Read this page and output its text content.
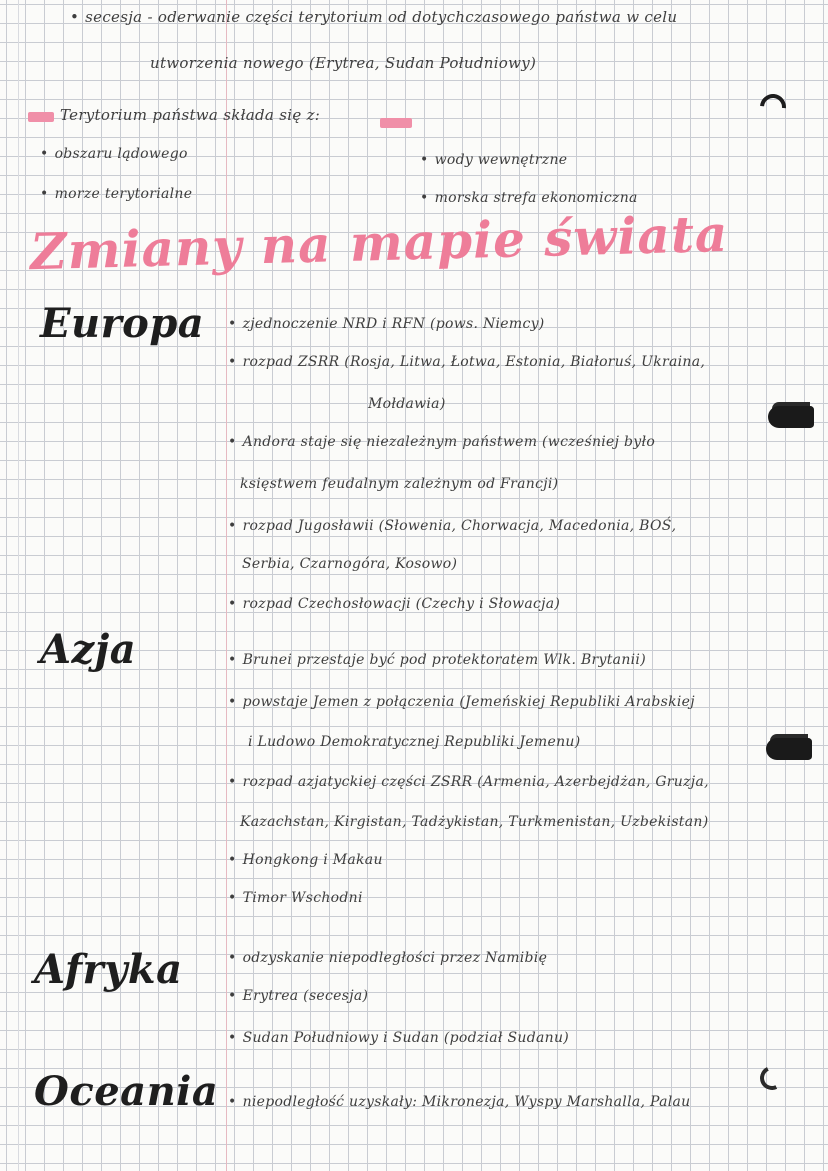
• secesja - oderwanie części terytorium od dotychczasowego państwa w celu
utworzenia nowego (Erytrea, Sudan Południowy)
Terytorium państwa składa się z:
• obszaru lądowego
• morze terytorialne
• wody wewnętrzne
• morska strefa ekonomiczna
Zmiany na mapie świata
Europa	• zjednoczenie NRD i RFN (pows. Niemcy)
• rozpad ZSRR (Rosja, Litwa, Łotwa, Estonia, Białoruś, Ukraina,
Mołdawia)
• Andora staje się niezależnym państwem (wcześniej było
księstwem feudalnym zależnym od Francji)
• rozpad Jugosławii (Słowenia, Chorwacja, Macedonia, BOŚ,
Serbia, Czarnogóra, Kosowo)
• rozpad Czechosłowacji (Czechy i Słowacja)
Azja	• Brunei przestaje być pod protektoratem Wlk. Brytanii)
• powstaje Jemen z połączenia (Jemeńskiej Republiki Arabskiej
i Ludowo Demokratycznej Republiki Jemenu)
• rozpad azjatyckiej części ZSRR (Armenia, Azerbejdżan, Gruzja,
Kazachstan, Kirgistan, Tadżykistan, Turkmenistan, Uzbekistan)
• Hongkong i Makau
• Timor Wschodni
Afryka	• odzyskanie niepodległości przez Namibię
• Erytrea (secesja)
• Sudan Południowy i Sudan (podział Sudanu)
Oceania	• niepodległość uzyskały: Mikronezja, Wyspy Marshalla, Palau
